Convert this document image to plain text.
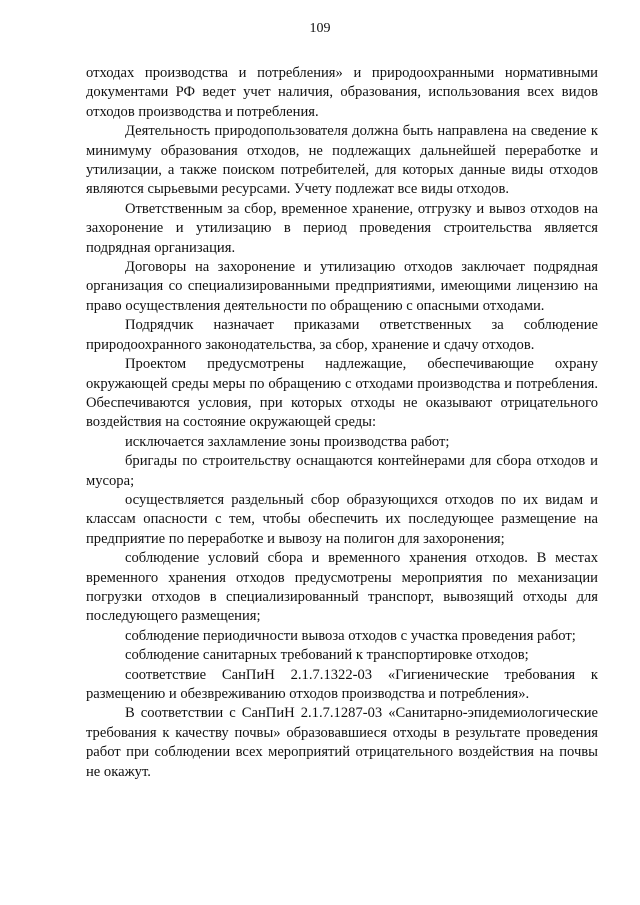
109

отходах производства и потребления» и природоохранными нормативными документами РФ ведет учет наличия, образования, использования всех видов отходов производства и потребления.

Деятельность природопользователя должна быть направлена на сведение к минимуму образования отходов, не подлежащих дальнейшей переработке и утилизации, а также поиском потребителей, для которых данные виды отходов являются сырьевыми ресурсами. Учету подлежат все виды отходов.

Ответственным за сбор, временное хранение, отгрузку и вывоз отходов на захоронение и утилизацию в период проведения строительства является подрядная организация.

Договоры на захоронение и утилизацию отходов заключает подрядная организация со специализированными предприятиями, имеющими лицензию на право осуществления деятельности по обращению с опасными отходами.

Подрядчик назначает приказами ответственных за соблюдение природоохранного законодательства, за сбор, хранение и сдачу отходов.

Проектом предусмотрены надлежащие, обеспечивающие охрану окружающей среды меры по обращению с отходами производства и потребления. Обеспечиваются условия, при которых отходы не оказывают отрицательного воздействия на состояние окружающей среды:

исключается захламление зоны производства работ;

бригады по строительству оснащаются контейнерами для сбора отходов и мусора;

осуществляется раздельный сбор образующихся отходов по их видам и классам опасности с тем, чтобы обеспечить их последующее размещение на предприятие по переработке и вывозу на полигон для захоронения;

соблюдение условий сбора и временного хранения отходов. В местах временного хранения отходов предусмотрены мероприятия по механизации погрузки отходов в специализированный транспорт, вывозящий отходы для последующего размещения;

соблюдение периодичности вывоза отходов с участка проведения работ;

соблюдение санитарных требований к транспортировке отходов;

соответствие СанПиН 2.1.7.1322-03 «Гигиенические требования к размещению и обезвреживанию отходов производства и потребления».

В соответствии с СанПиН 2.1.7.1287-03 «Санитарно-эпидемиологические требования к качеству почвы» образовавшиеся отходы в результате проведения работ при соблюдении всех мероприятий отрицательного воздействия на почвы не окажут.
